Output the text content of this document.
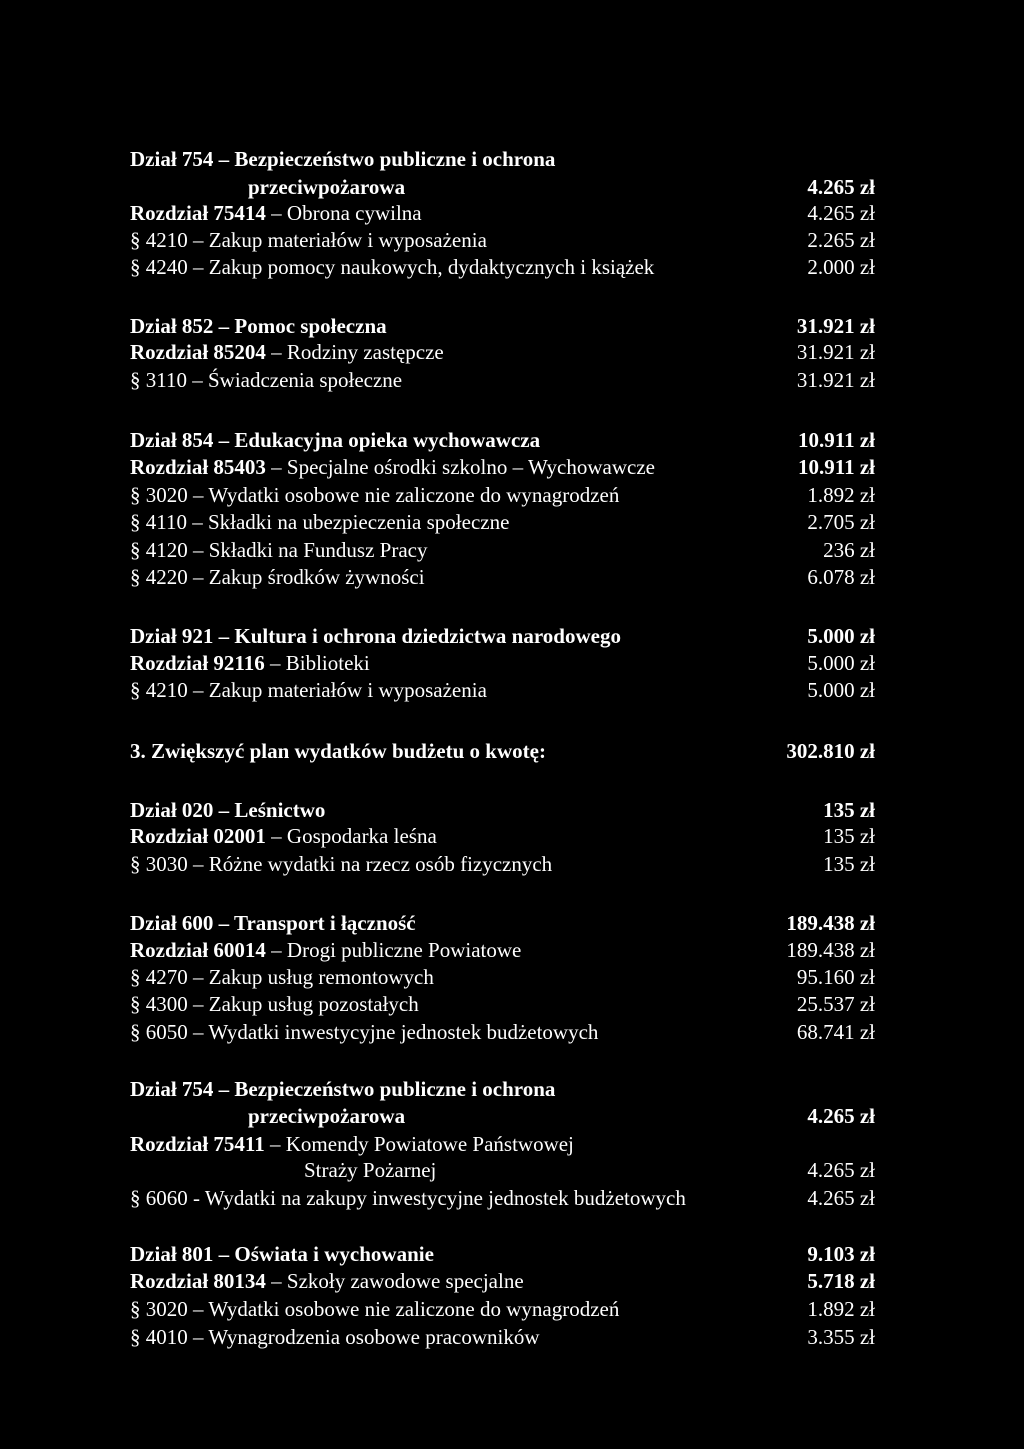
Dział 754 – Bezpieczeństwo publiczne i ochrona
przeciwpożarowa	4.265 zł
Rozdział 75414 – Obrona cywilna	4.265 zł
§ 4210 – Zakup materiałów i wyposażenia	2.265 zł
§ 4240 – Zakup pomocy naukowych, dydaktycznych i książek	2.000 zł
Dział 852 – Pomoc społeczna	31.921 zł
Rozdział 85204 – Rodziny zastępcze	31.921 zł
§ 3110 – Świadczenia społeczne	31.921 zł
Dział 854 – Edukacyjna opieka wychowawcza	10.911 zł
Rozdział 85403 – Specjalne ośrodki szkolno – Wychowawcze	10.911 zł
§ 3020 – Wydatki osobowe nie zaliczone do wynagrodzeń	1.892 zł
§ 4110 – Składki na ubezpieczenia społeczne	2.705 zł
§ 4120 – Składki na Fundusz Pracy	236 zł
§ 4220 – Zakup środków żywności	6.078 zł
Dział 921 – Kultura i ochrona dziedzictwa narodowego	5.000 zł
Rozdział 92116 – Biblioteki	5.000 zł
§ 4210 – Zakup materiałów i wyposażenia	5.000 zł
3. Zwiększyć plan wydatków budżetu o kwotę:	302.810 zł
Dział 020 – Leśnictwo	135 zł
Rozdział 02001 – Gospodarka leśna	135 zł
§ 3030 – Różne wydatki na rzecz osób fizycznych	135 zł
Dział 600 – Transport i łączność	189.438 zł
Rozdział 60014 – Drogi publiczne Powiatowe	189.438 zł
§ 4270 – Zakup usług remontowych	95.160 zł
§ 4300 – Zakup usług pozostałych	25.537 zł
§ 6050 – Wydatki inwestycyjne jednostek budżetowych	68.741 zł
Dział 754 – Bezpieczeństwo publiczne i ochrona
przeciwpożarowa	4.265 zł
Rozdział 75411 – Komendy Powiatowe Państwowej
Straży Pożarnej	4.265 zł
§ 6060 - Wydatki na zakupy inwestycyjne jednostek budżetowych	4.265 zł
Dział 801 – Oświata i wychowanie	9.103 zł
Rozdział 80134 – Szkoły zawodowe specjalne	5.718 zł
§ 3020 – Wydatki osobowe nie zaliczone do wynagrodzeń	1.892 zł
§ 4010 – Wynagrodzenia osobowe pracowników	3.355 zł
